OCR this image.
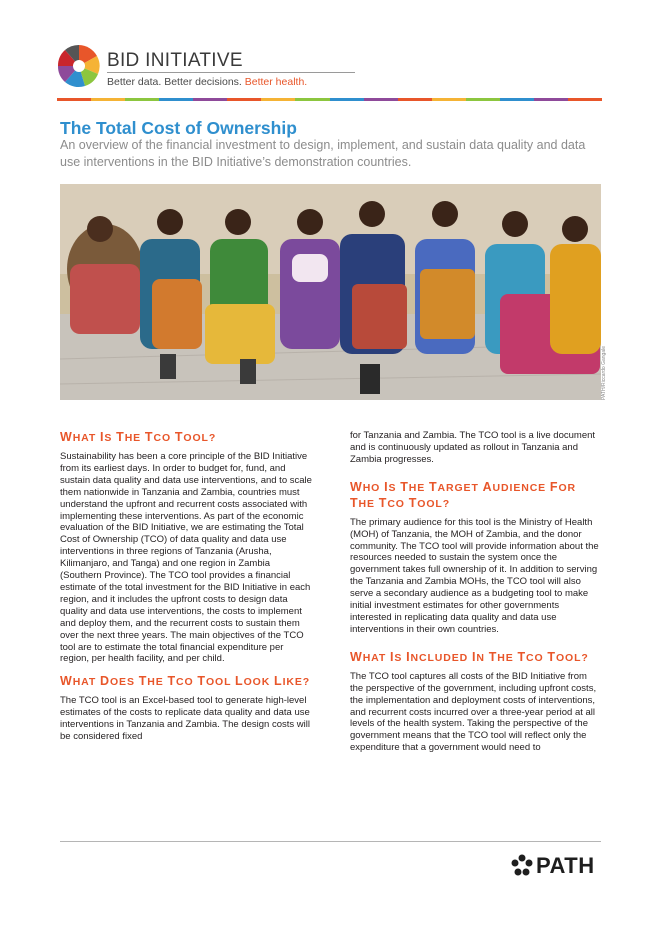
BID INITIATIVE
Better data. Better decisions. Better health.
The Total Cost of Ownership

An overview of the financial investment to design, implement, and sustain data quality and data use interventions in the BID Initiative’s demonstration countries.

PATH/Riccardo Gangale
WHAT IS THE TCO TOOL?

Sustainability has been a core principle of the BID Initiative from its earliest days. In order to budget for, fund, and sustain data quality and data use interventions, and to scale them nationwide in Tanzania and Zambia, countries must understand the upfront and recurrent costs associated with implementing these interventions. As part of the economic evaluation of the BID Initiative, we are estimating the Total Cost of Ownership (TCO) of data quality and data use interventions in three regions of Tanzania (Arusha, Kilimanjaro, and Tanga) and one region in Zambia (Southern Province). The TCO tool provides a financial estimate of the total investment for the BID Initiative in each region, and it includes the upfront costs to design data quality and data use interventions, the costs to implement and deploy them, and the recurrent costs to sustain them over the next three years. The main objectives of the TCO tool are to estimate the total financial expenditure per region, per health facility, and per child.

WHAT DOES THE TCO TOOL LOOK LIKE?

The TCO tool is an Excel-based tool to generate high-level estimates of the costs to replicate data quality and data use interventions in Tanzania and Zambia. The design costs will be considered fixed

for Tanzania and Zambia. The TCO tool is a live document and is continuously updated as rollout in Tanzania and Zambia progresses.

WHO IS THE TARGET AUDIENCE FOR THE TCO TOOL?

The primary audience for this tool is the Ministry of Health (MOH) of Tanzania, the MOH of Zambia, and the donor community. The TCO tool will provide information about the resources needed to sustain the system once the government takes full ownership of it. In addition to serving the Tanzania and Zambia MOHs, the TCO tool will also serve a secondary audience as a budgeting tool to make initial investment estimates for other governments interested in replicating data quality and data use interventions in their own countries.

WHAT IS INCLUDED IN THE TCO TOOL?

The TCO tool captures all costs of the BID Initiative from the perspective of the government, including upfront costs, the implementation and deployment costs of interventions, and recurrent costs incurred over a three-year period at all levels of the health system. Taking the perspective of the government means that the TCO tool will reflect only the expenditure that a government would need to

PATH
